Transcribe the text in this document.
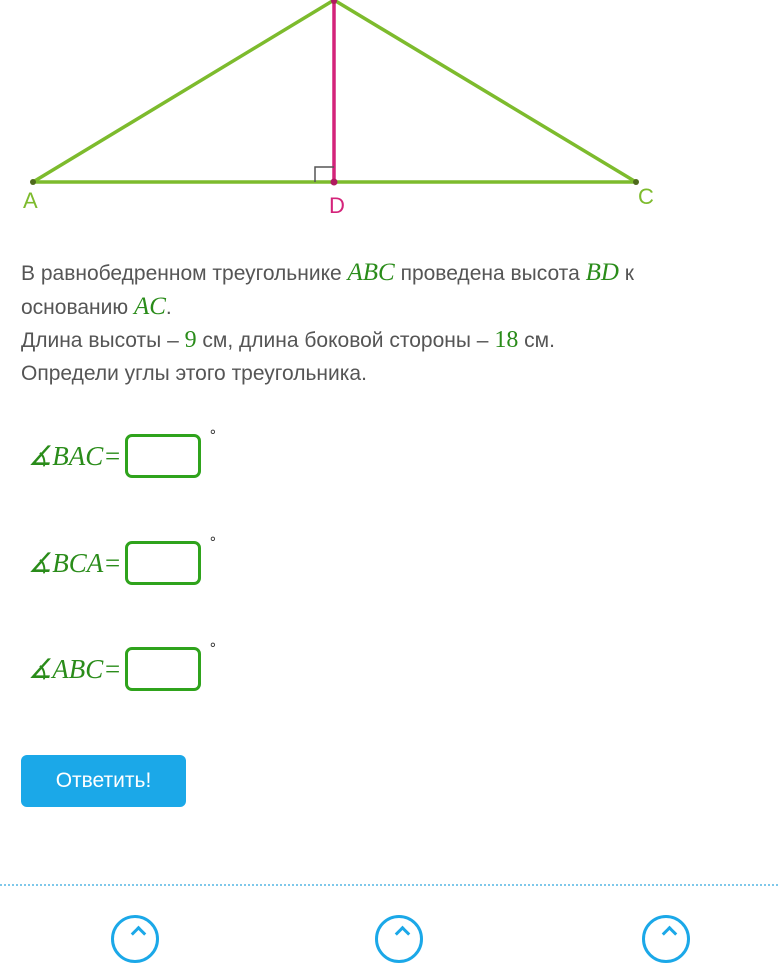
A	D	C

В равнобедренном треугольнике ABC проведена высота BD к основанию AC.

Длина высоты – 9 см, длина боковой стороны – 18 см.

Определи углы этого треугольника.

∡BAC=
°
∡BCA=
°
∡ABC=
°
Ответить!
